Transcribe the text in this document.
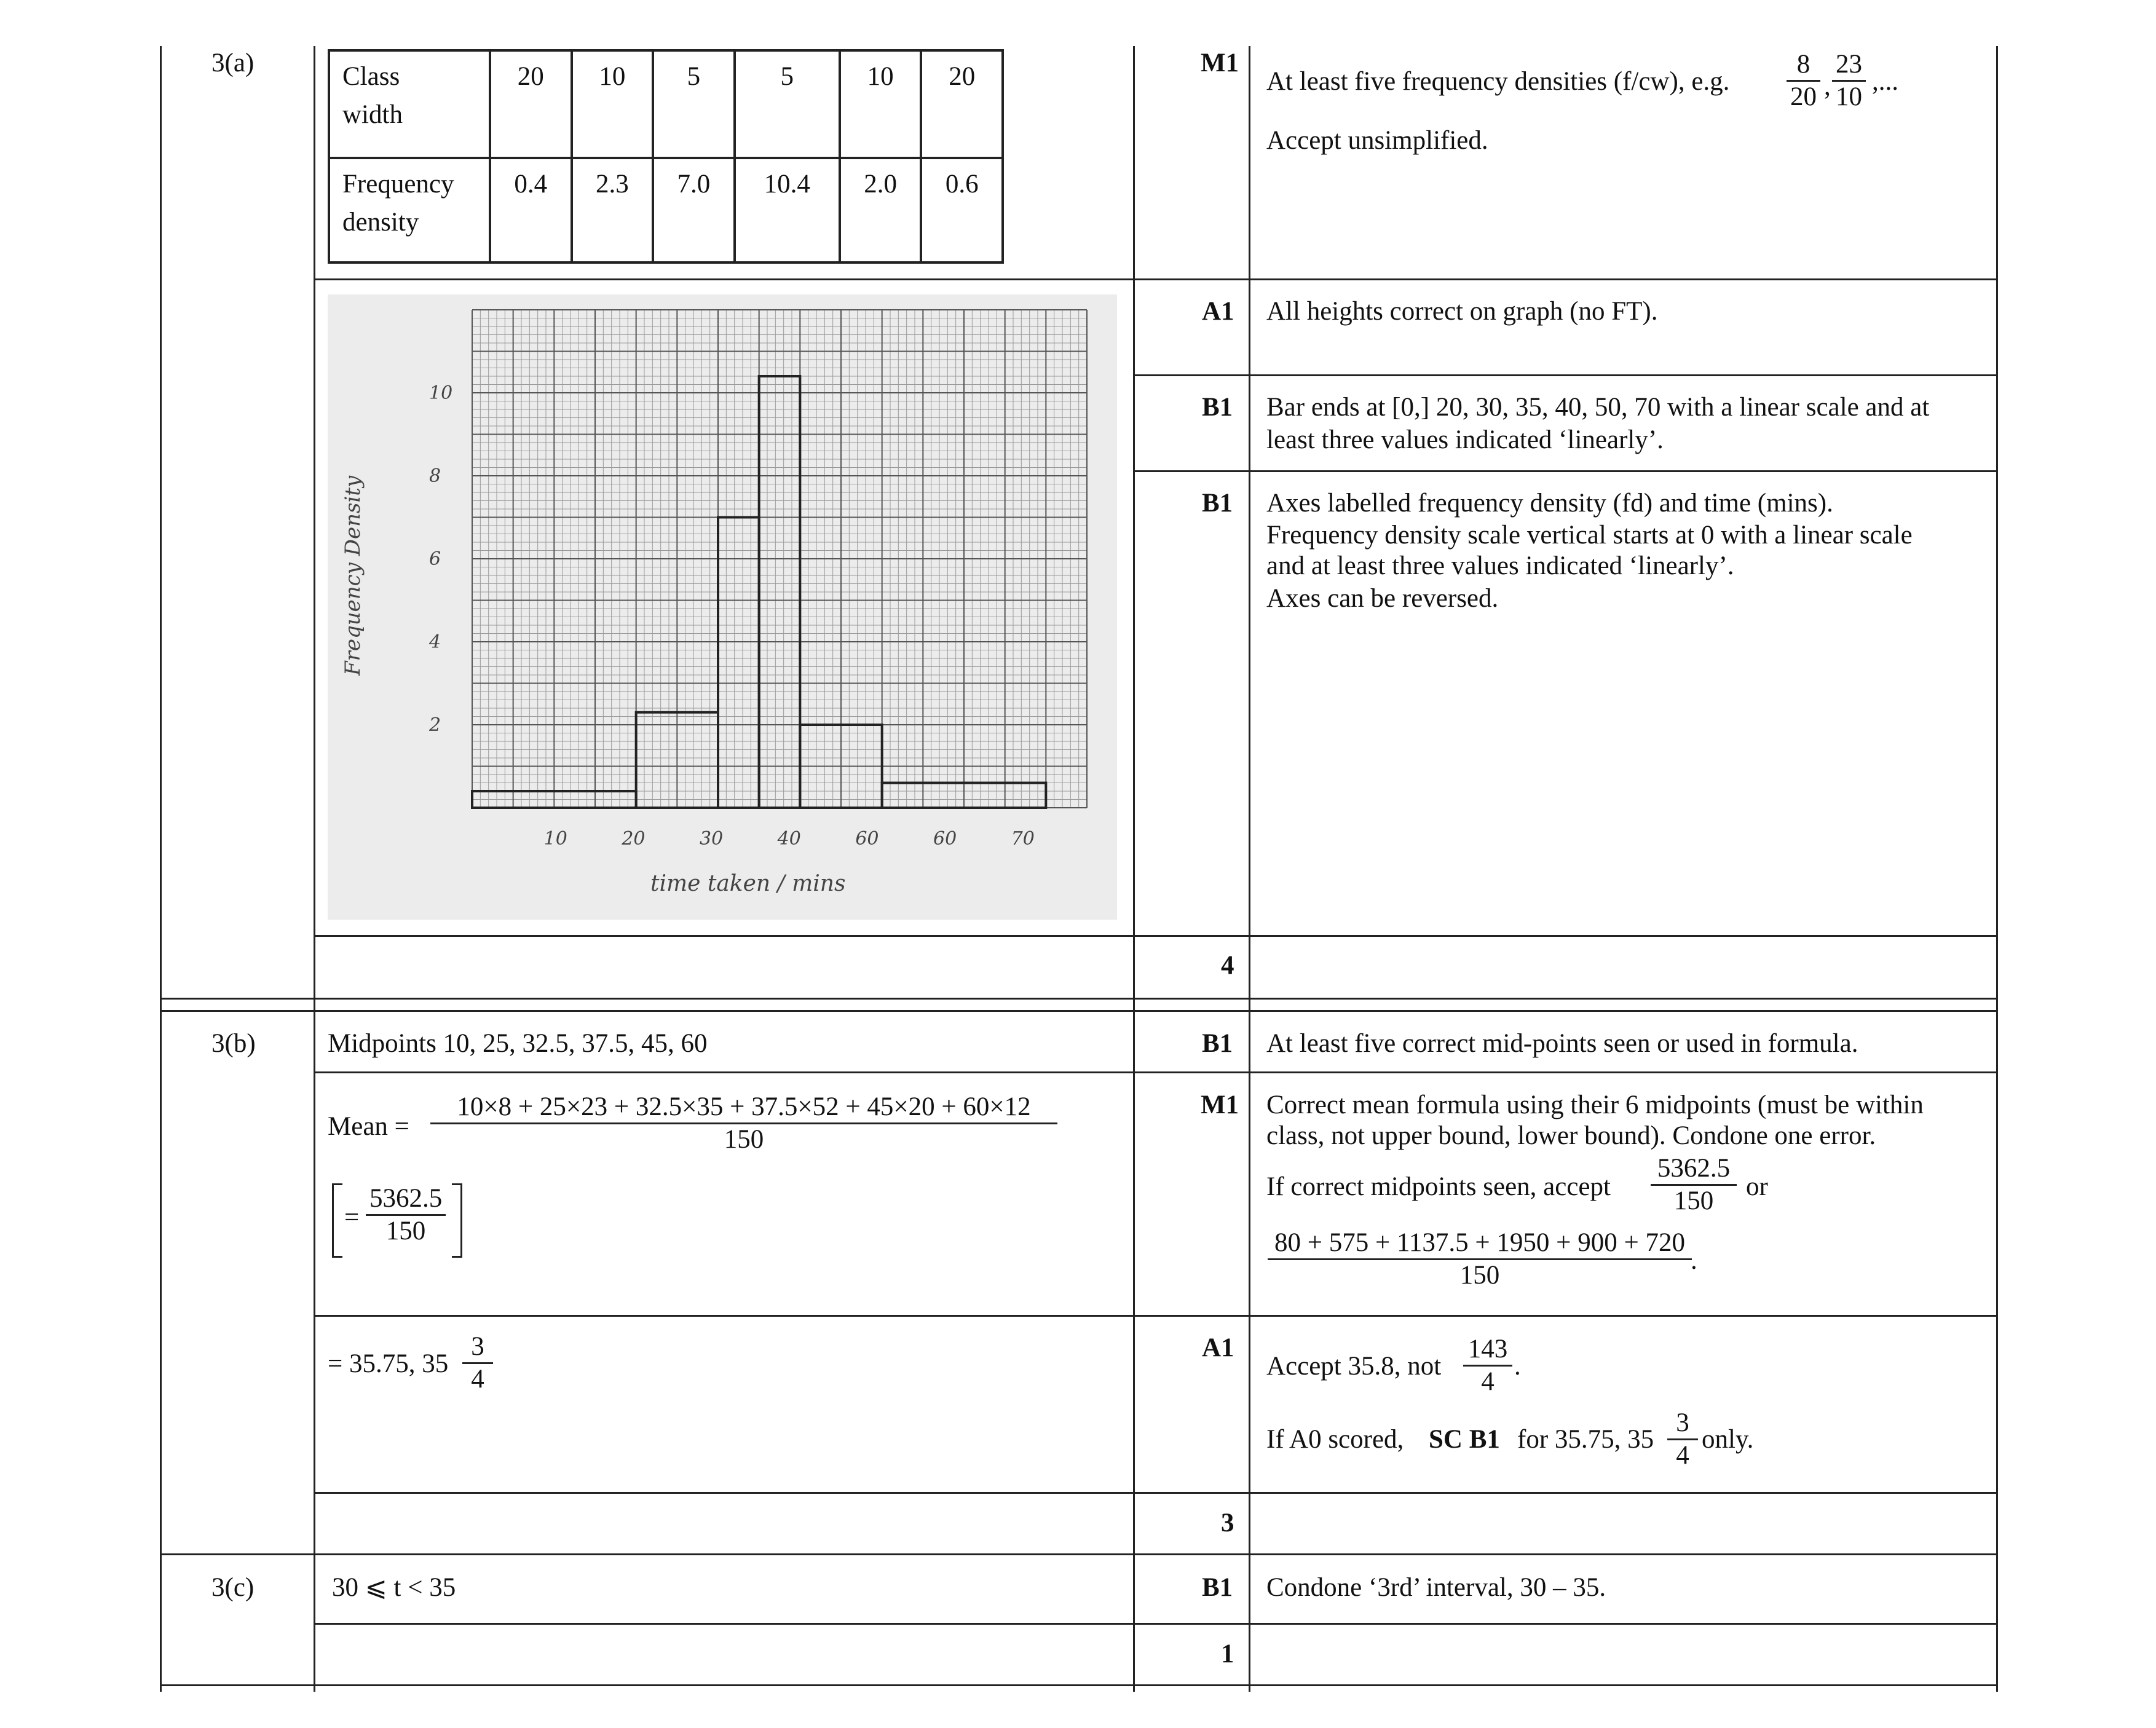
3(a)	Class
width	20	10	5	5	10	20
Frequency
density	0.4	2.3	7.0	10.4	2.0	0.6
M1
At least five frequency densities (f/cw), e.g. $\frac{8}{20}$ , $\frac{23}{10}$ ,...
Accept unsimplified.
A1 All heights correct on graph (no FT).
B1 Bar ends at [0,] 20, 30, 35, 40, 50, 70 with a linear scale and at
least three values indicated ‘linearly’.
B1 Axes labelled frequency density (fd) and time (mins).
Frequency density scale vertical starts at 0 with a linear scale
and at least three values indicated ‘linearly’.
Axes can be reversed.
4
2
4
6
8
10
10	20	30	40	60	60	70
Frequency Density
time taken / mins
3(b)	Midpoints 10, 25, 32.5, 37.5, 45, 60	B1 At least five correct mid-points seen or used in formula.
Mean = $\frac{10\times 8 + 25\times 23 + 32.5\times 35 + 37.5\times 52 + 45\times 20 + 60\times 12}{150}$
= $\frac{5362.5}{150}$
M1 Correct mean formula using their 6 midpoints (must be within
class, not upper bound, lower bound). Condone one error.
If correct midpoints seen, accept $\frac{5362.5}{150}$ or
$\frac{80 + 575 + 1137.5 + 1950 + 900 + 720}{150}$
.
= 35.75, $35 \frac{3}{4}$	A1
Accept 35.8, not $\frac{143}{4}$ .
If A0 scored, SC B1 for 35.75, $35 \frac{3}{4}$ only.
3
3(c)	30 ⩽ t < 35	B1 Condone ‘3rd’ interval, 30 – 35.
1
